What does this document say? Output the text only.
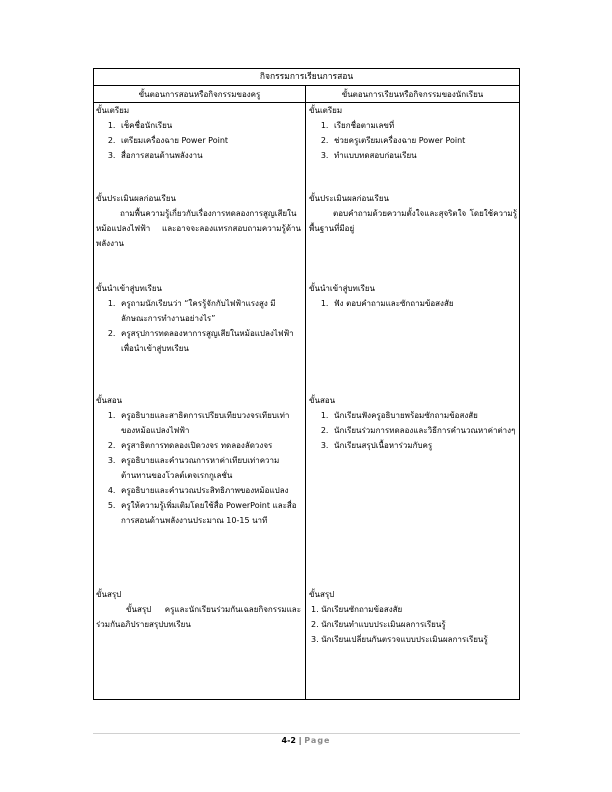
กิจกรรมการเรียนการสอน
ขั้นตอนการสอนหรือกิจกรรมของครู	ขั้นตอนการเรียนหรือกิจกรรมของนักเรียน

ขั้นเตรียม

1. เช็คชื่อนักเรียน
2. เตรียมเครื่องฉาย Power Point
3. สื่อการสอนด้านพลังงาน

ขั้นประเมินผลก่อนเรียน

ถามพื้นความรู้เกี่ยวกับเรื่องการทดลองการสูญเสียในหม้อแปลงไฟฟ้า และอาจจะลองแทรกสอบถามความรู้ด้านพลังงาน

ขั้นนำเข้าสู่บทเรียน

1. ครูถามนักเรียนว่า “ใครรู้จักกับไฟฟ้าแรงสูง มีลักษณะการทำงานอย่างไร”
2. ครูสรุปการทดลองหาการสูญเสียในหม้อแปลงไฟฟ้า เพื่อนำเข้าสู่บทเรียน

ขั้นสอน

1. ครูอธิบายและสาธิตการเปรียบเทียบวงจรเทียบเท่าของหม้อแปลงไฟฟ้า
2. ครูสาธิตการทดลองเปิดวงจร ทดลองลัดวงจร
3. ครูอธิบายและคำนวณการหาค่าเทียบเท่าความต้านทานของโวลต์เตจเรกกูเลชั่น
4. ครูอธิบายและคำนวณประสิทธิภาพของหม้อแปลง
5. ครูให้ความรู้เพิ่มเติมโดยใช้สื่อ PowerPoint และสื่อการสอนด้านพลังงานประมาณ 10-15 นาที

ขั้นสรุป

ขั้นสรุป ครูและนักเรียนร่วมกันเฉลยกิจกรรมและร่วมกันอภิปรายสรุปบทเรียน

ขั้นเตรียม

1. เรียกชื่อตามเลขที่
2. ช่วยครูเตรียมเครื่องฉาย Power Point
3. ทำแบบทดสอบก่อนเรียน

ขั้นประเมินผลก่อนเรียน

ตอบคำถามด้วยความตั้งใจและสุจริตใจ โดยใช้ความรู้พื้นฐานที่มีอยู่

ขั้นนำเข้าสู่บทเรียน

1. ฟัง ตอบคำถามและซักถามข้อสงสัย

ขั้นสอน

1. นักเรียนฟังครูอธิบายพร้อมซักถามข้อสงสัย
2. นักเรียนร่วมการทดลองและวิธีการคำนวณหาค่าต่างๆ
3. นักเรียนสรุปเนื้อหาร่วมกับครู

ขั้นสรุป

1. นักเรียนซักถามข้อสงสัย

2. นักเรียนทำแบบประเมินผลการเรียนรู้

3. นักเรียนเปลี่ยนกันตรวจแบบประเมินผลการเรียนรู้

4-2 | Page
